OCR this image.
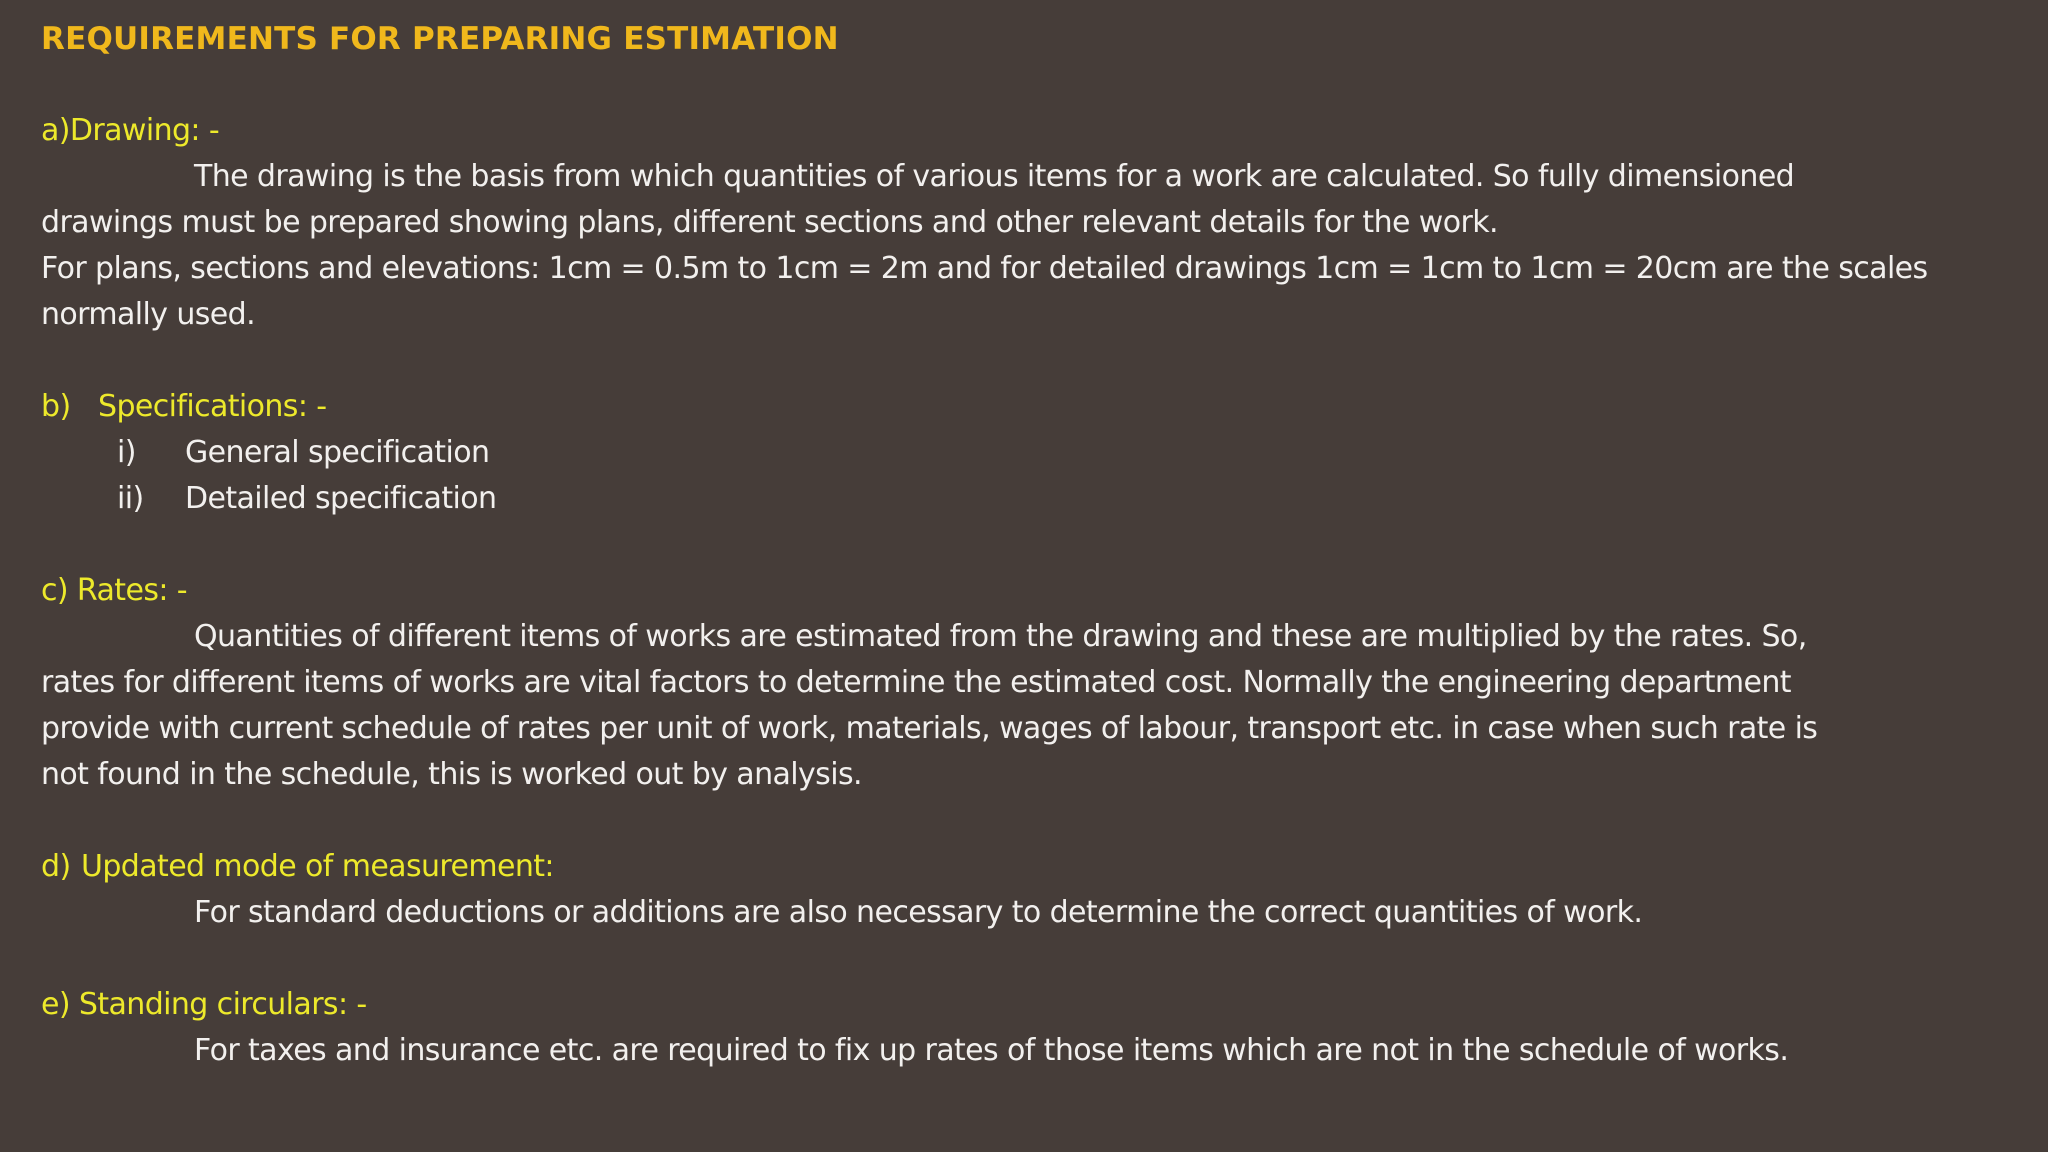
REQUIREMENTS FOR PREPARING ESTIMATION

a)Drawing: -

The drawing is the basis from which quantities of various items for a work are calculated. So fully dimensioned

drawings must be prepared showing plans, different sections and other relevant details for the work.

For plans, sections and elevations: 1cm = 0.5m to 1cm = 2m and for detailed drawings 1cm = 1cm to 1cm = 20cm are the scales

normally used.

b) Specifications: -

i) General specification

ii) Detailed specification

c) Rates: -

Quantities of different items of works are estimated from the drawing and these are multiplied by the rates. So,

rates for different items of works are vital factors to determine the estimated cost. Normally the engineering department

provide with current schedule of rates per unit of work, materials, wages of labour, transport etc. in case when such rate is

not found in the schedule, this is worked out by analysis.

d) Updated mode of measurement:

For standard deductions or additions are also necessary to determine the correct quantities of work.

e) Standing circulars: -

For taxes and insurance etc. are required to fix up rates of those items which are not in the schedule of works.
